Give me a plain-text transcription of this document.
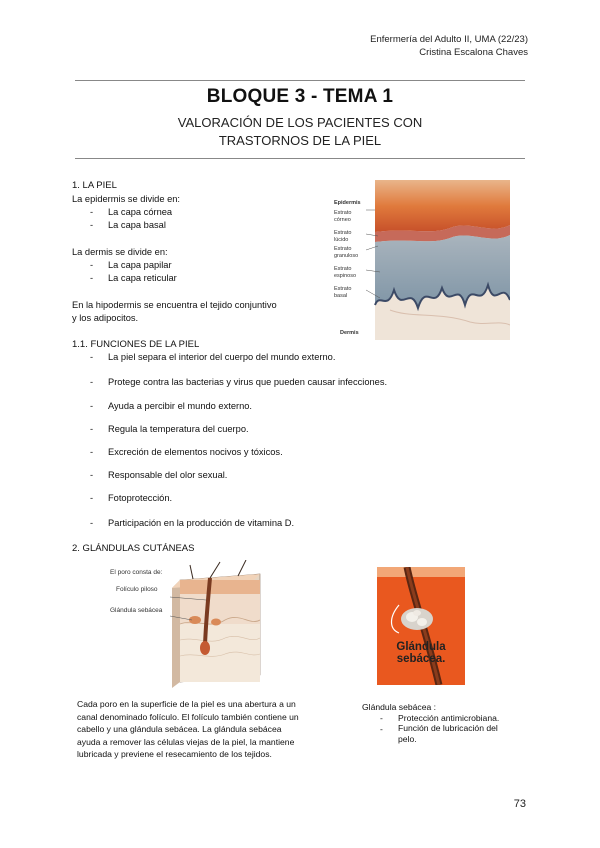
Enfermería del Adulto II, UMA (22/23)
Cristina Escalona Chaves
BLOQUE 3 - TEMA 1
VALORACIÓN DE LOS PACIENTES CON
TRASTORNOS DE LA PIEL
1. LA PIEL
La epidermis se divide en:
- La capa córnea
- La capa basal
La dermis se divide en:
- La capa papilar
- La capa reticular
En la hipodermis se encuentra el tejido conjuntivo
y los adipocitos.
Epidermis
Estrato
córneo
Estrato
lúcido
Estrato
granuloso
Estrato
espinoso
Estrato
basal
Dermis
1.1. FUNCIONES DE LA PIEL
- La piel separa el interior del cuerpo del mundo externo.
- Protege contra las bacterias y virus que pueden causar infecciones.
- Ayuda a percibir el mundo externo.
- Regula la temperatura del cuerpo.
- Excreción de elementos nocivos y tóxicos.
- Responsable del olor sexual.
- Fotoprotección.
- Participación en la producción de vitamina D.
2. GLÁNDULAS CUTÁNEAS
El poro consta de:
Folículo piloso
Glándula sebácea
Glándula
sebácea.
Cada poro en la superficie de la piel es una abertura a un
canal denominado folículo. El folículo también contiene un
cabello y una glándula sebácea. La glándula sebácea
ayuda a remover las células viejas de la piel, la mantiene
lubricada y previene el resecamiento de los tejidos.
Glándula sebácea :
- Protección antimicrobiana.
- Función de lubricación del
pelo.
73
